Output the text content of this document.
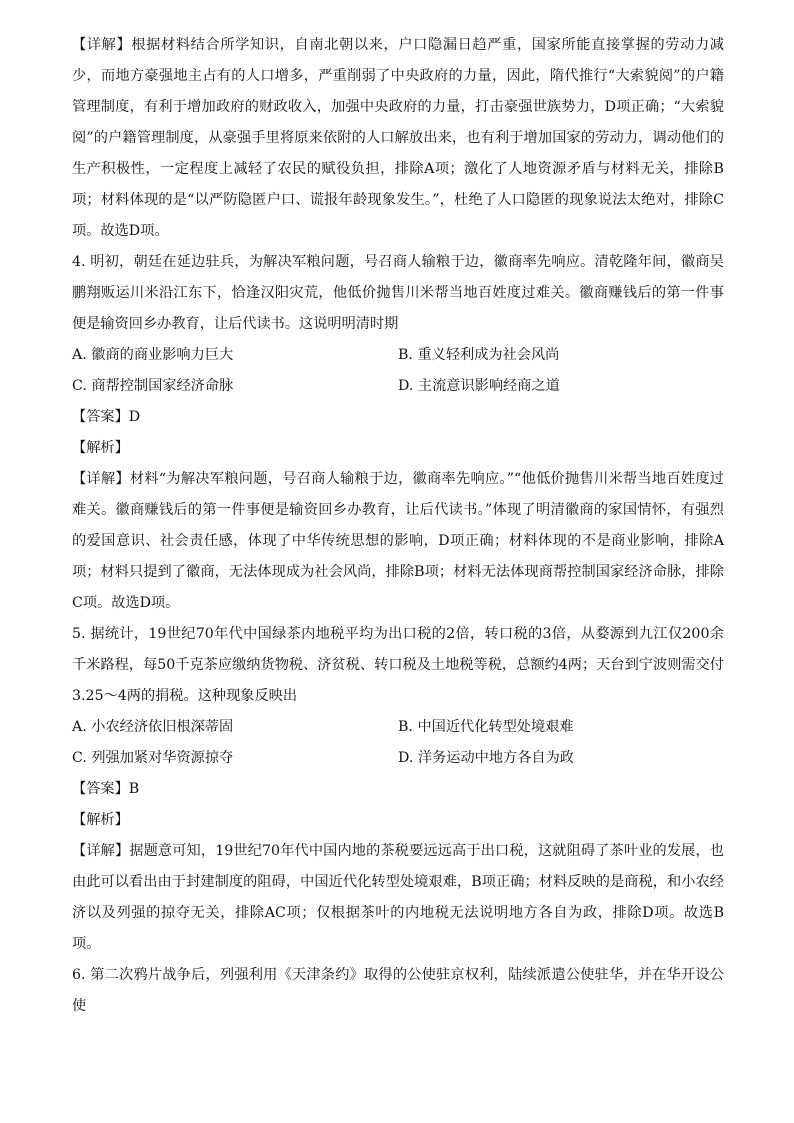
【详解】根据材料结合所学知识，自南北朝以来，户口隐漏日趋严重，国家所能直接掌握的劳动力减少，而地方豪强地主占有的人口增多，严重削弱了中央政府的力量，因此，隋代推行“大索貌阅”的户籍管理制度，有利于增加政府的财政收入，加强中央政府的力量，打击豪强世族势力，D项正确；“大索貌阅”的户籍管理制度，从豪强手里将原来依附的人口解放出来，也有利于增加国家的劳动力，调动他们的生产积极性，一定程度上减轻了农民的赋役负担，排除A项；激化了人地资源矛盾与材料无关，排除B项；材料体现的是“以严防隐匿户口、谎报年龄现象发生。”，杜绝了人口隐匿的现象说法太绝对，排除C项。故选D项。

4. 明初，朝廷在延边驻兵，为解决军粮问题，号召商人输粮于边，徽商率先响应。清乾隆年间，徽商吴鹏翔贩运川米沿江东下，恰逢汉阳灾荒，他低价抛售川米帮当地百姓度过难关。徽商赚钱后的第一件事便是输资回乡办教育，让后代读书。这说明明清时期

A. 徽商的商业影响力巨大	B. 重义轻利成为社会风尚

C. 商帮控制国家经济命脉	D. 主流意识影响经商之道

【答案】D

【解析】

【详解】材料“为解决军粮问题，号召商人输粮于边，徽商率先响应。”“他低价抛售川米帮当地百姓度过难关。徽商赚钱后的第一件事便是输资回乡办教育，让后代读书。”体现了明清徽商的家国情怀，有强烈的爱国意识、社会责任感，体现了中华传统思想的影响，D项正确；材料体现的不是商业影响，排除A项；材料只提到了徽商，无法体现成为社会风尚，排除B项；材料无法体现商帮控制国家经济命脉，排除C项。故选D项。

5. 据统计，19世纪70年代中国绿茶内地税平均为出口税的2倍，转口税的3倍，从婺源到九江仅200余千米路程，每50千克茶应缴纳货物税、济贫税、转口税及土地税等税，总额约4两；天台到宁波则需交付3.25～4两的捐税。这种现象反映出

A. 小农经济依旧根深蒂固	B. 中国近代化转型处境艰难

C. 列强加紧对华资源掠夺	D. 洋务运动中地方各自为政

【答案】B

【解析】

【详解】据题意可知，19世纪70年代中国内地的茶税要远远高于出口税，这就阻碍了茶叶业的发展，也由此可以看出由于封建制度的阻碍，中国近代化转型处境艰难，B项正确；材料反映的是商税，和小农经济以及列强的掠夺无关，排除AC项；仅根据茶叶的内地税无法说明地方各自为政，排除D项。故选B项。

6. 第二次鸦片战争后，列强利用《天津条约》取得的公使驻京权利，陆续派遣公使驻华，并在华开设公使
